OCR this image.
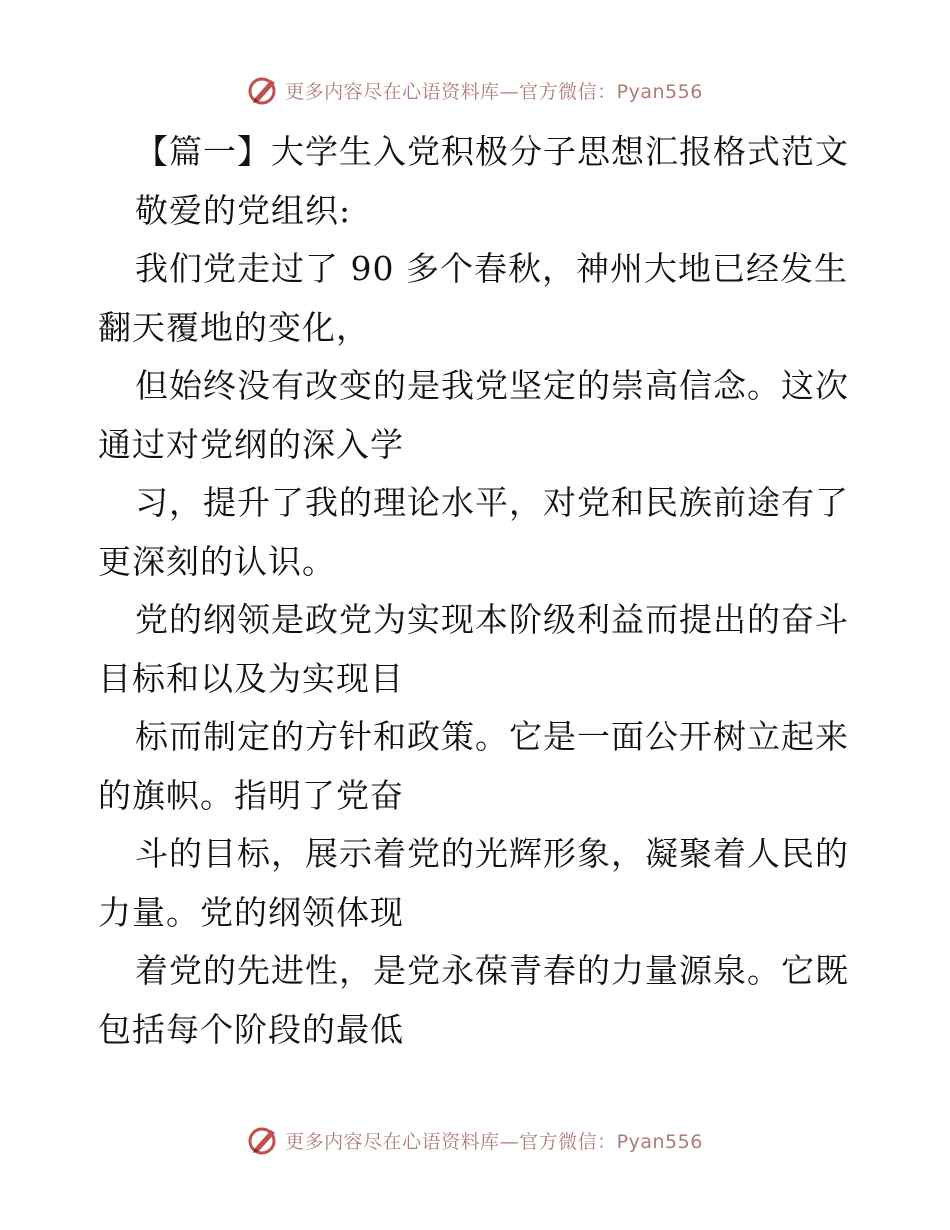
更多内容尽在心语资料库—官方微信：Pyan556
【篇一】大学生入党积极分子思想汇报格式范文
敬爱的党组织:
我们党走过了 90 多个春秋，神州大地已经发生
翻天覆地的变化，
但始终没有改变的是我党坚定的崇高信念。这次
通过对党纲的深入学
习，提升了我的理论水平，对党和民族前途有了
更深刻的认识。
党的纲领是政党为实现本阶级利益而提出的奋斗
目标和以及为实现目
标而制定的方针和政策。它是一面公开树立起来
的旗帜。指明了党奋
斗的目标，展示着党的光辉形象，凝聚着人民的
力量。党的纲领体现
着党的先进性，是党永葆青春的力量源泉。它既
包括每个阶段的最低
更多内容尽在心语资料库—官方微信：Pyan556
